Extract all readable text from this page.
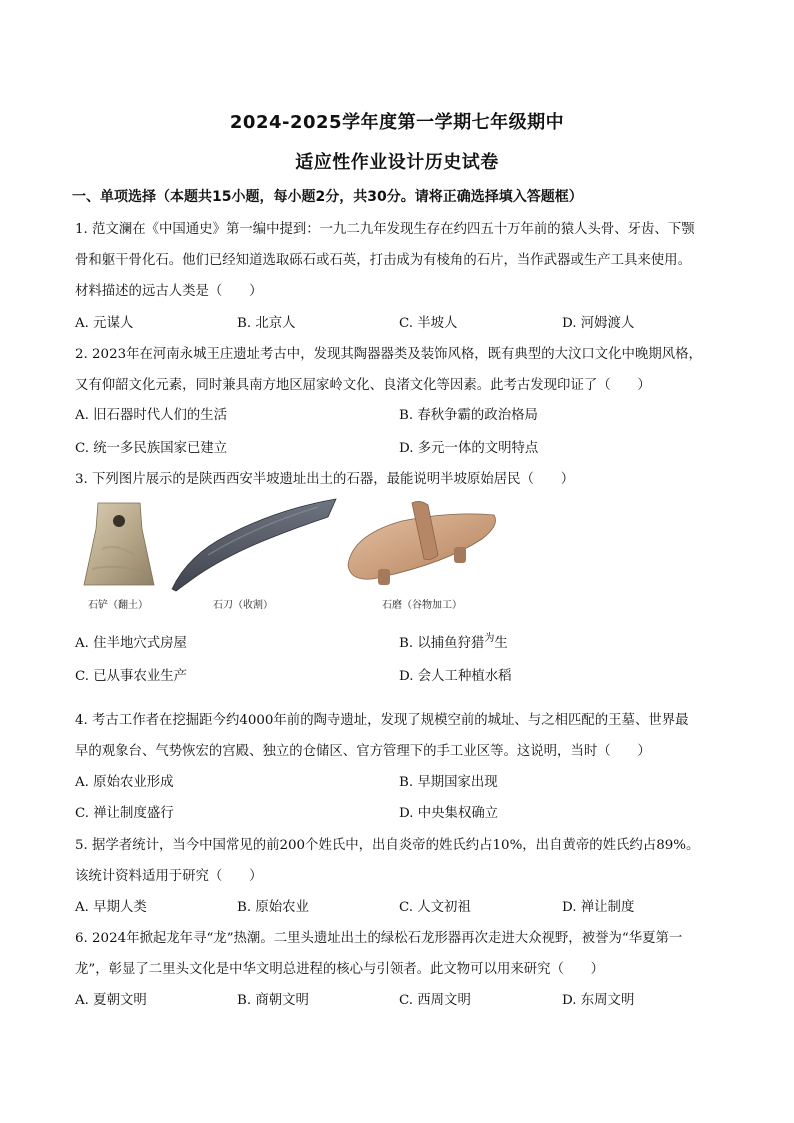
2024-2025学年度第一学期七年级期中
适应性作业设计历史试卷
一、单项选择（本题共15小题，每小题2分，共30分。请将正确选择填入答题框）
1. 范文澜在《中国通史》第一编中提到：一九二九年发现生存在约四五十万年前的猿人头骨、牙齿、下颚
骨和躯干骨化石。他们已经知道选取砾石或石英，打击成为有棱角的石片，当作武器或生产工具来使用。
材料描述的远古人类是（　　）
A. 元谋人	B. 北京人	C. 半坡人	D. 河姆渡人
2. 2023年在河南永城王庄遗址考古中，发现其陶器器类及装饰风格，既有典型的大汶口文化中晚期风格，
又有仰韶文化元素，同时兼具南方地区屈家岭文化、良渚文化等因素。此考古发现印证了（　　）
A. 旧石器时代人们的生活	B. 春秋争霸的政治格局
C. 统一多民族国家已建立	D. 多元一体的文明特点
3. 下列图片展示的是陕西西安半坡遗址出土的石器，最能说明半坡原始居民（　　）
石铲（翻土）	石刀（收割）	石磨（谷物加工）
A. 住半地穴式房屋	B. 以捕鱼狩猎$^为$生
C. 已从事农业生产	D. 会人工种植水稻
4. 考古工作者在挖掘距今约4000年前的陶寺遗址，发现了规模空前的城址、与之相匹配的王墓、世界最
早的观象台、气势恢宏的宫殿、独立的仓储区、官方管理下的手工业区等。这说明，当时（　　）
A. 原始农业形成	B. 早期国家出现
C. 禅让制度盛行	D. 中央集权确立
5. 据学者统计，当今中国常见的前200个姓氏中，出自炎帝的姓氏约占10%，出自黄帝的姓氏约占89%。
该统计资料适用于研究（　　）
A. 早期人类	B. 原始农业	C. 人文初祖	D. 禅让制度
6. 2024年掀起龙年寻“龙”热潮。二里头遗址出土的绿松石龙形器再次走进大众视野，被誉为“华夏第一
龙”，彰显了二里头文化是中华文明总进程的核心与引领者。此文物可以用来研究（　　）
A. 夏朝文明	B. 商朝文明	C. 西周文明	D. 东周文明
